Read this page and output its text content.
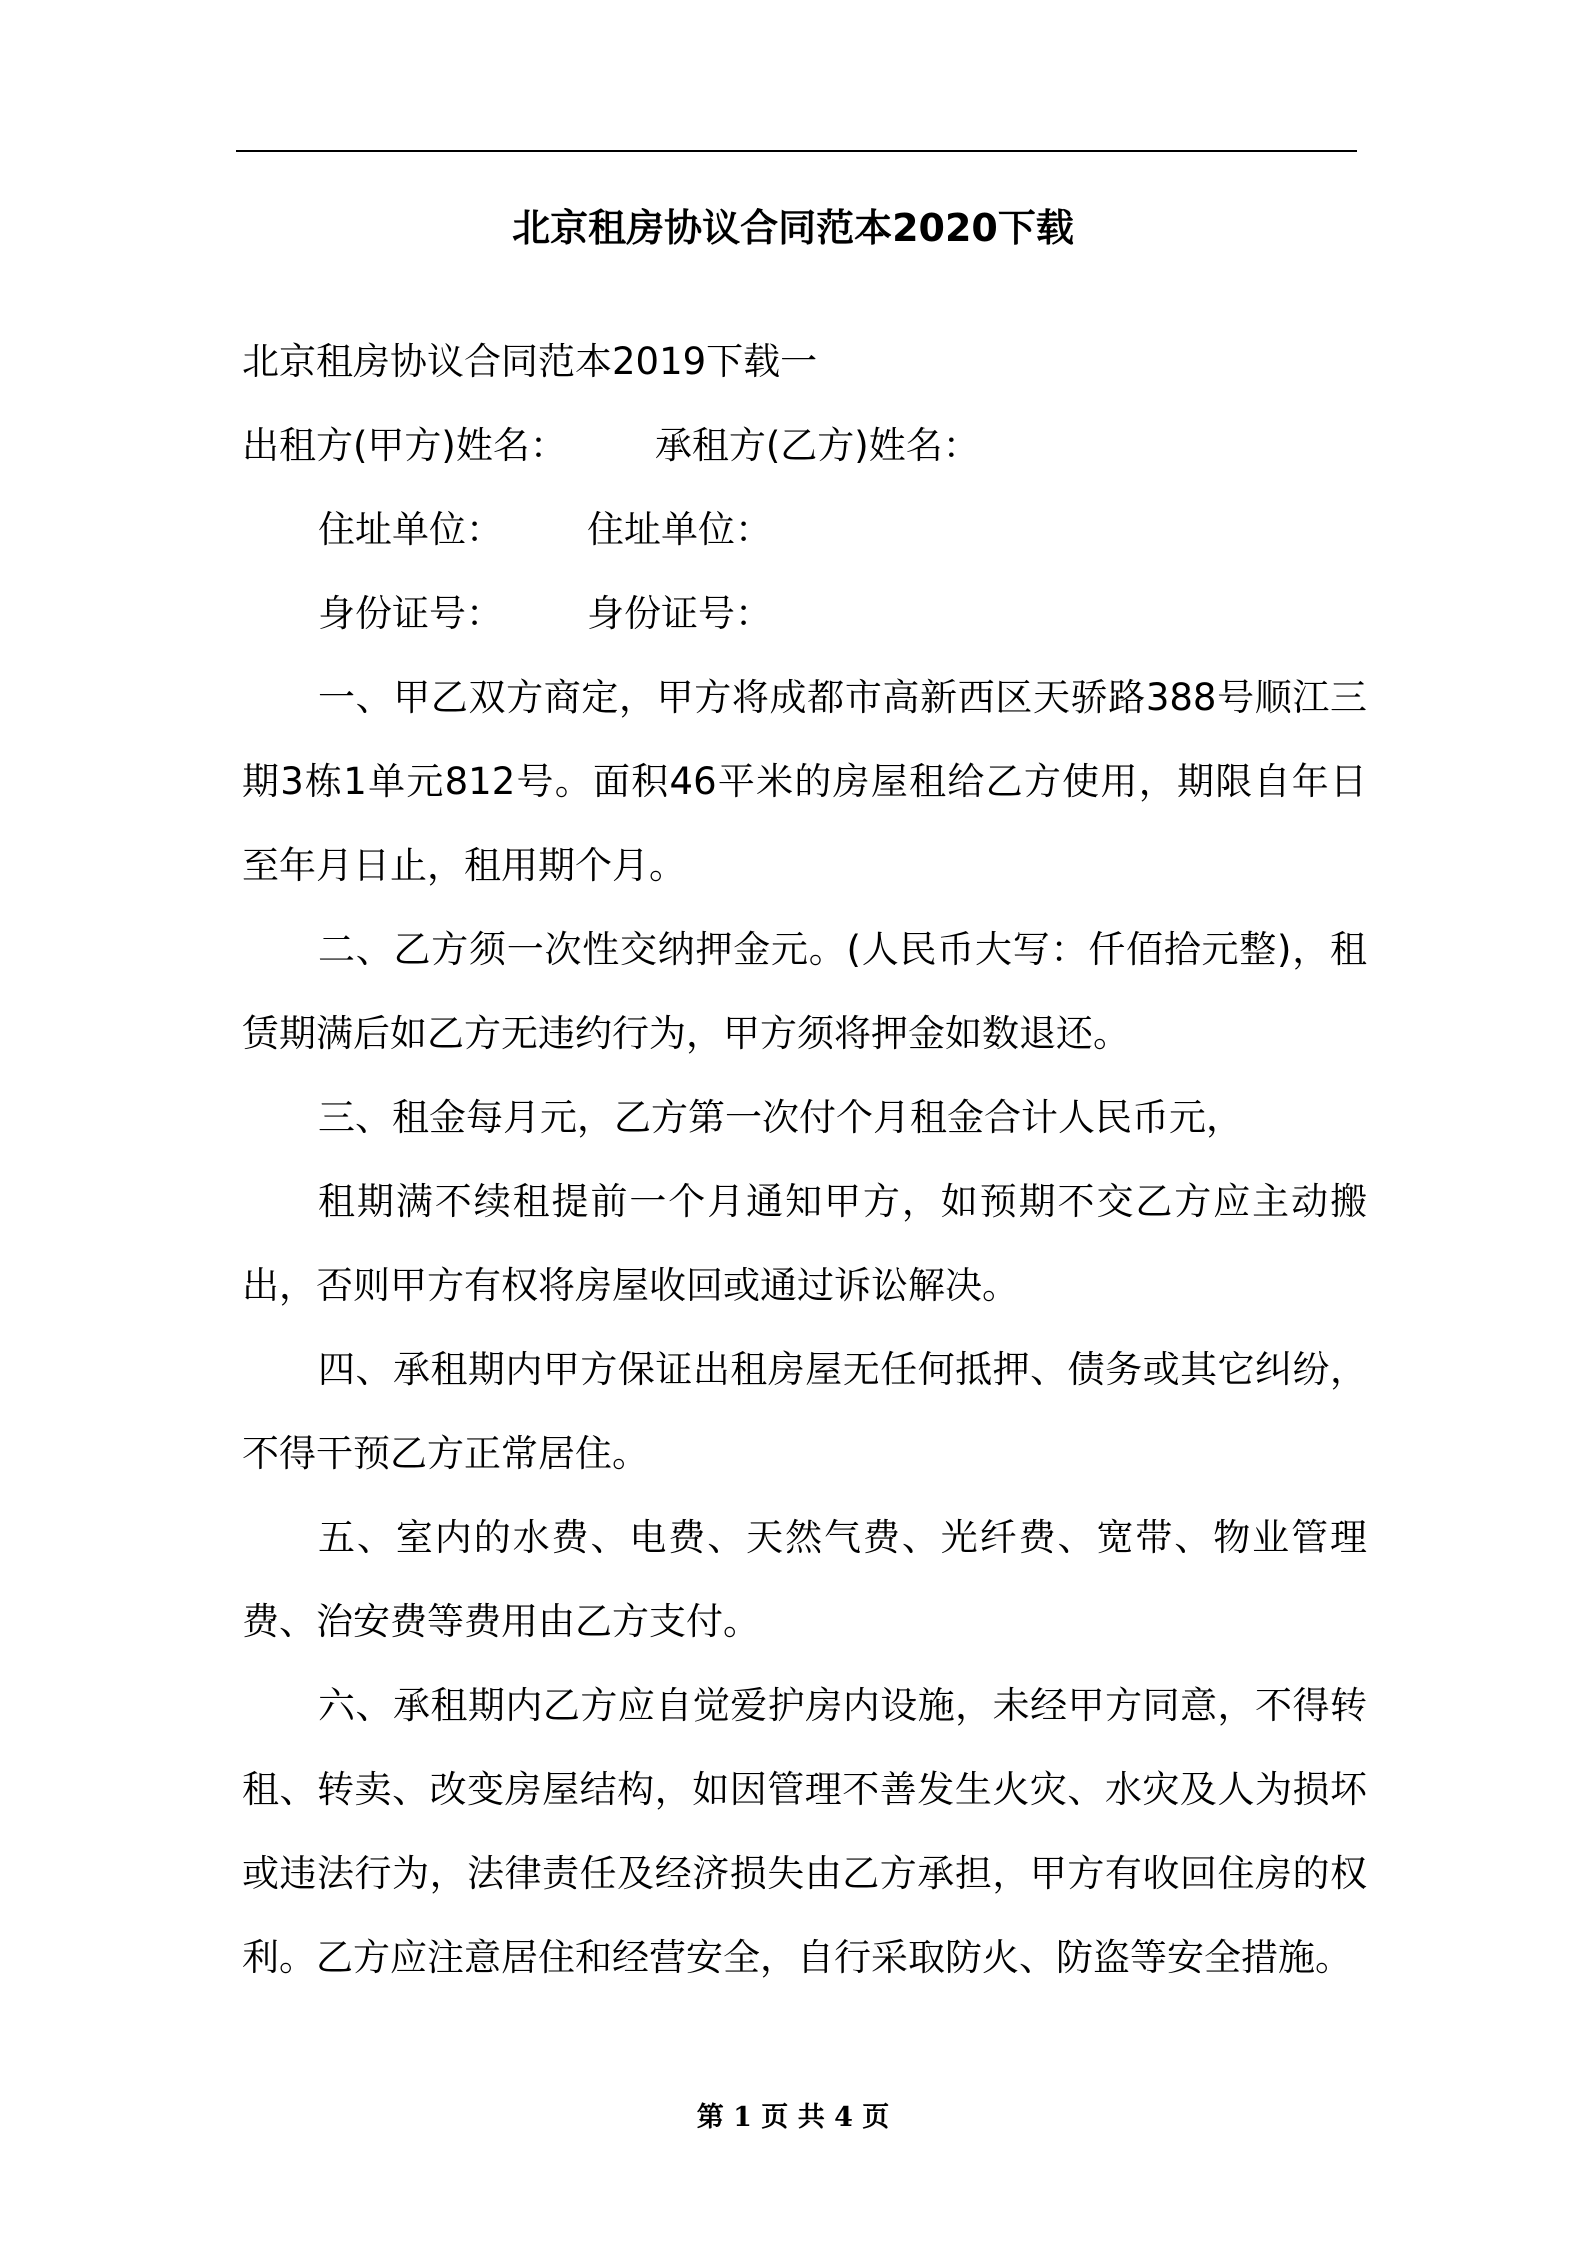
北京租房协议合同范本2020下载
北京租房协议合同范本2019下载一
出租方(甲方)姓名： 承租方(乙方)姓名：
住址单位： 住址单位：
身份证号： 身份证号：

一、甲乙双方商定，甲方将成都市高新西区天骄路388号顺江三期3栋1单元812号。面积46平米的房屋租给乙方使用，期限自年日至年月日止，租用期个月。

二、乙方须一次性交纳押金元。(人民币大写：仟佰拾元整)，租赁期满后如乙方无违约行为，甲方须将押金如数退还。

三、租金每月元，乙方第一次付个月租金合计人民币元，

租期满不续租提前一个月通知甲方，如预期不交乙方应主动搬出，否则甲方有权将房屋收回或通过诉讼解决。

四、承租期内甲方保证出租房屋无任何抵押、债务或其它纠纷，不得干预乙方正常居住。

五、室内的水费、电费、天然气费、光纤费、宽带、物业管理费、治安费等费用由乙方支付。

六、承租期内乙方应自觉爱护房内设施，未经甲方同意，不得转租、转卖、改变房屋结构，如因管理不善发生火灾、水灾及人为损坏或违法行为，法律责任及经济损失由乙方承担，甲方有收回住房的权利。乙方应注意居住和经营安全，自行采取防火、防盗等安全措施。

第 1 页 共 4 页
